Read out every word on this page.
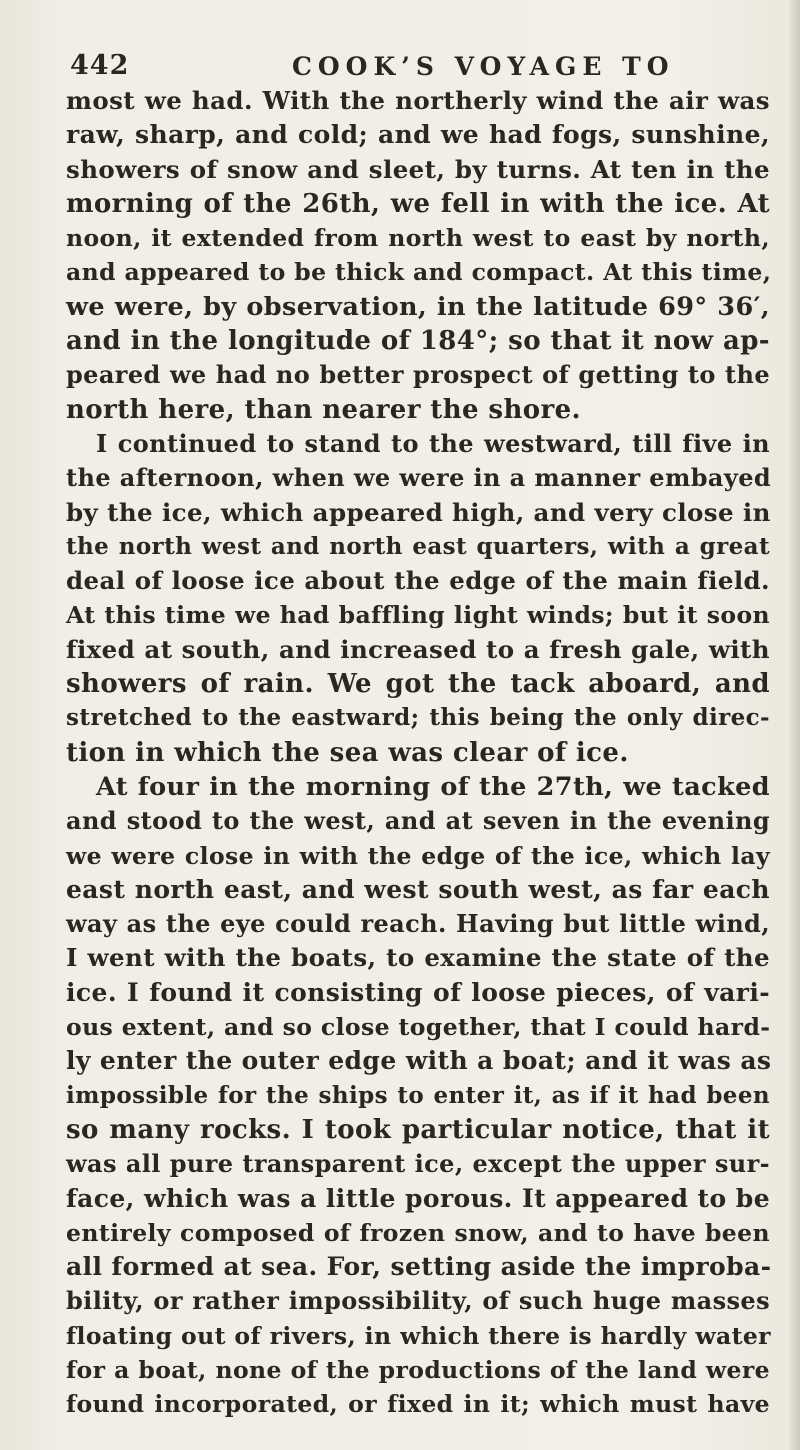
442	COOK’S VOYAGE TO
most we had. With the northerly wind the air was
raw, sharp, and cold; and we had fogs, sunshine,
showers of snow and sleet, by turns. At ten in the
morning of the 26th, we fell in with the ice. At
noon, it extended from north west to east by north,
and appeared to be thick and compact. At this time,
we were, by observation, in the latitude 69° 36′,
and in the longitude of 184°; so that it now ap-
peared we had no better prospect of getting to the
north here, than nearer the shore.
I continued to stand to the westward, till five in
the afternoon, when we were in a manner embayed
by the ice, which appeared high, and very close in
the north west and north east quarters, with a great
deal of loose ice about the edge of the main field.
At this time we had baffling light winds; but it soon
fixed at south, and increased to a fresh gale, with
showers of rain. We got the tack aboard, and
stretched to the eastward; this being the only direc-
tion in which the sea was clear of ice.
At four in the morning of the 27th, we tacked
and stood to the west, and at seven in the evening
we were close in with the edge of the ice, which lay
east north east, and west south west, as far each
way as the eye could reach. Having but little wind,
I went with the boats, to examine the state of the
ice. I found it consisting of loose pieces, of vari-
ous extent, and so close together, that I could hard-
ly enter the outer edge with a boat; and it was as
impossible for the ships to enter it, as if it had been
so many rocks. I took particular notice, that it
was all pure transparent ice, except the upper sur-
face, which was a little porous. It appeared to be
entirely composed of frozen snow, and to have been
all formed at sea. For, setting aside the improba-
bility, or rather impossibility, of such huge masses
floating out of rivers, in which there is hardly water
for a boat, none of the productions of the land were
found incorporated, or fixed in it; which must have
